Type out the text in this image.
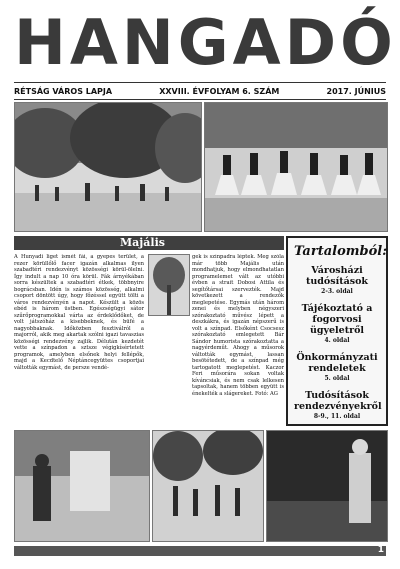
HANGADÓ
RÉTSÁG VÁROS LAPJA	XXVIII. ÉVFOLYAM 6. SZÁM	2017. JÚNIUS
Majális
A Hunyadi liget ismét fái, a gyepes terület, a rezer körüllőlő facer igazán alkalmas ilyen szabadtéri rendezvényt közösségi körül-ölelni. Így indult a nap 10 óra körül. Fák árnyékában sorra készültek a szabadtéri étkek, többnyire bográcsban. Idén is számos közösség, alkalmi csoport döntött úgy, hogy főzéssel együtt tölti a város rendezvényén a napot. Készült a közös ebéd is három üstben. Egészségügyi sátor szűrőprogramokkal várta az érdeklődőket, de volt játszóház a kisebbeknek, és büfé a nagyobbaknak. Időközben fesztiválról a majorról, akik meg akartak szólni igazi tavaszias közösségi rendezvény zajlik. Délután kezdetét vette a színpadon a sztsze végigkísértetett programok, amelyben elsőnek helyi fellépők, majd a Kecdtelő Néptáncegyüttes csoportjai váltották egymást, de persze vendé-
gek is színpadra léptek. Meg szóla már több Majális után mondhatjuk, hogy elmondhatatlan programelemet vált az utóbbi évben a strait Dobosi Attila és segítőtársai szervezték. Majd következett a rendezők meglepetése. Egymás után három zenei és melyben négyszeri szórakoztató művész lépett a deszkákra, és igazán népszerű is volt a színpad. Elsőként Csocsesz szórakoztató emlegetett Bár Sándor humorista szórakoztatta a nagyérdeműt. Ahogy a műsorok váltották egymást, lassan besötétedett, de a színpad még tartogatott meglepetést. Kaczor Feri műsorára sokan voltak kíváncsiak, és nem csak lelkesen tapsoltak, hanem többen együtt is énekelték a slágereket. Fotó: AG
Tartalomból:
Városházi tudósítások
2-3. oldal
Tájékoztató a fogorvosi ügyeletről
4. oldal
Önkormányzati rendeletek
5. oldal
Tudósítások rendezvényekről
8-9., 11. oldal
1
